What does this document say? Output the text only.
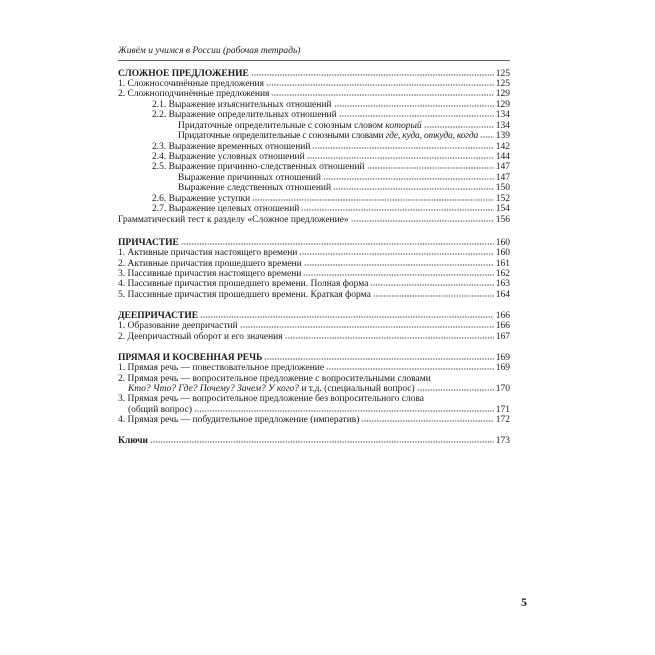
Живём и учимся в России (рабочая тетрадь)
СЛОЖНОЕ ПРЕДЛОЖЕНИЕ	125
1. Сложносочинённые предложения	125
2. Сложноподчинённые предложения	129
2.1. Выражение изъяснительных отношений	129
2.2. Выражение определительных отношений	134
Придаточные определительные с союзным словом который	134
Придаточные определительные с союзными словами где, куда, откуда, когда 139
2.3. Выражение временных отношений	142
2.4. Выражение условных отношений	144
2.5. Выражение причинно-следственных отношений	147
Выражение причинных отношений	147
Выражение следственных отношений	150
2.6. Выражение уступки	152
2.7. Выражение целевых отношений	154
Грамматический тест к разделу «Сложное предложение»	156
ПРИЧАСТИЕ	160
1. Активные причастия настоящего времени	160
2. Активные причастия прошедшего времени	161
3. Пассивные причастия настоящего времени	162
4. Пассивные причастия прошедшего времени. Полная форма	163
5. Пассивные причастия прошедшего времени. Краткая форма	164
ДЕЕПРИЧАСТИЕ	166
1. Образование деепричастий	166
2. Деепричастный оборот и его значения	167
ПРЯМАЯ И КОСВЕННАЯ РЕЧЬ	169
1. Прямая речь — повествовательное предложение	169
2. Прямая речь — вопросительное предложение с вопросительными словами
Кто? Что? Где? Почему? Зачем? У кого? и т.д. (специальный вопрос)	170
3. Прямая речь — вопросительное предложение без вопросительного слова
(общий вопрос)	171
4. Прямая речь — побудительное предложение (императив)	172
Ключи	173
5
